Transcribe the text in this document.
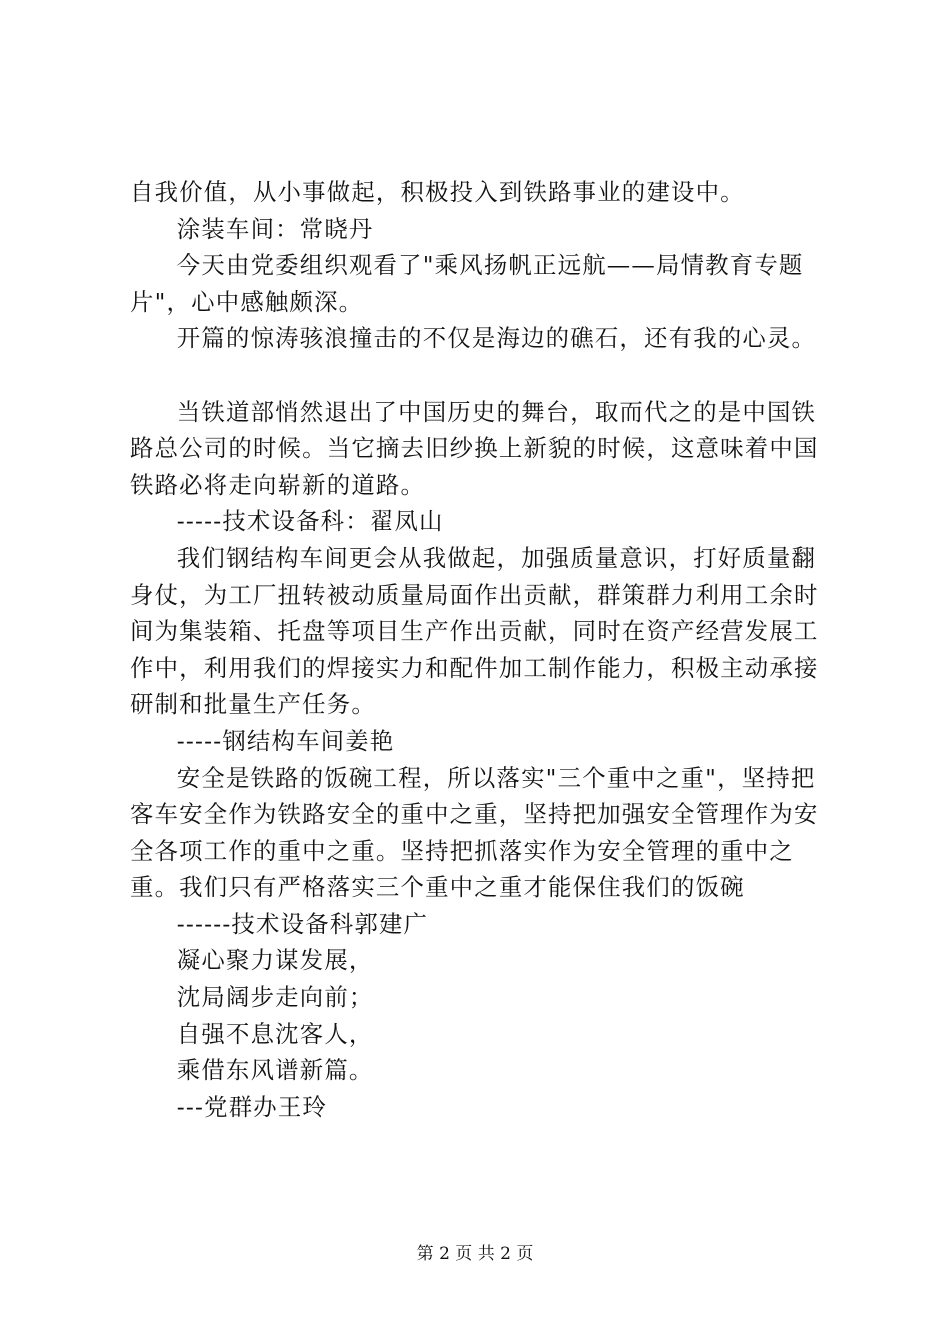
自我价值，从小事做起，积极投入到铁路事业的建设中。

涂装车间：常晓丹

今天由党委组织观看了"乘风扬帆正远航——局情教育专题片"，心中感触颇深。

开篇的惊涛骇浪撞击的不仅是海边的礁石，还有我的心灵。

当铁道部悄然退出了中国历史的舞台，取而代之的是中国铁路总公司的时候。当它摘去旧纱换上新貌的时候，这意味着中国铁路必将走向崭新的道路。

-----技术设备科：翟凤山

我们钢结构车间更会从我做起，加强质量意识，打好质量翻身仗，为工厂扭转被动质量局面作出贡献，群策群力利用工余时间为集装箱、托盘等项目生产作出贡献，同时在资产经营发展工作中，利用我们的焊接实力和配件加工制作能力，积极主动承接研制和批量生产任务。

-----钢结构车间姜艳

安全是铁路的饭碗工程，所以落实"三个重中之重"，坚持把客车安全作为铁路安全的重中之重，坚持把加强安全管理作为安全各项工作的重中之重。坚持把抓落实作为安全管理的重中之重。我们只有严格落实三个重中之重才能保住我们的饭碗

------技术设备科郭建广

凝心聚力谋发展，

沈局阔步走向前；

自强不息沈客人，

乘借东风谱新篇。

---党群办王玲

第 2 页 共 2 页
